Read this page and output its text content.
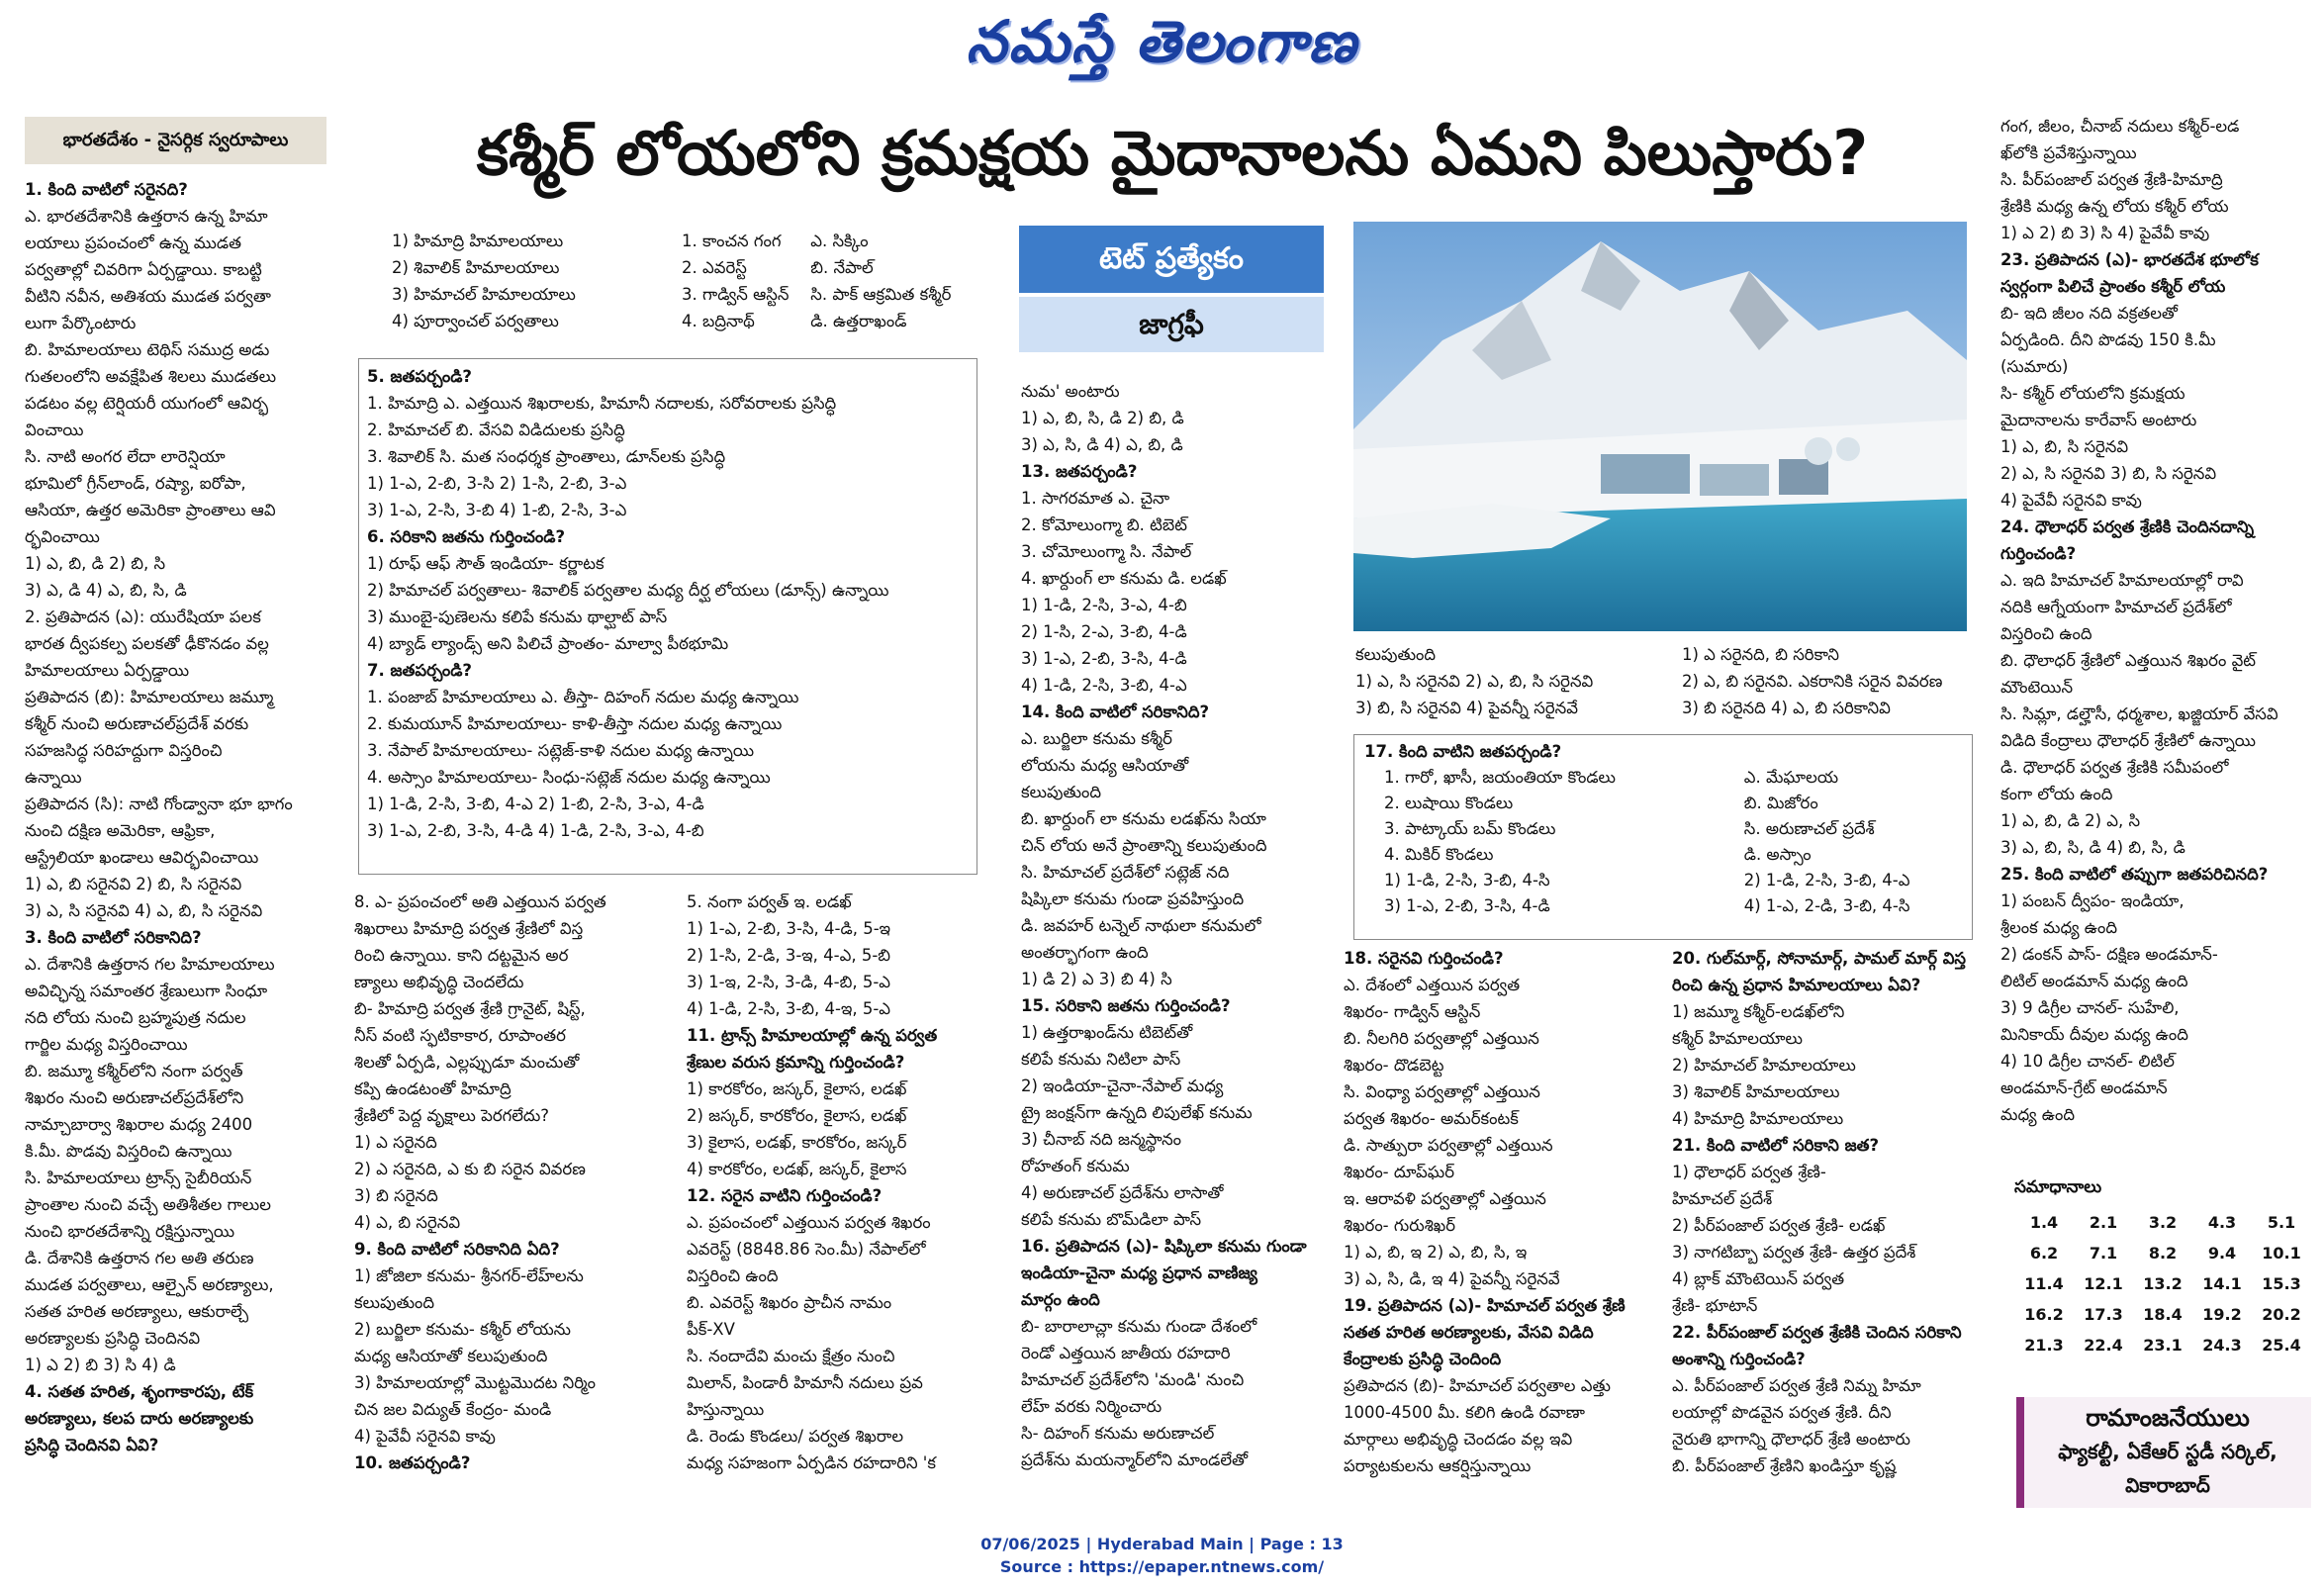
నమస్తే తెలంగాణ
భారతదేశం - నైసర్గిక స్వరూపాలు	కశ్మీర్ లోయలోని క్రమక్షయ మైదానాలను ఏమని పిలుస్తారు?
టెట్ ప్రత్యేకం
జాగ్రఫీ

1. కింది వాటిలో సరైనది?

ఎ. భారతదేశానికి ఉత్తరాన ఉన్న హిమా

లయాలు ప్రపంచంలో ఉన్న ముడత

పర్వతాల్లో చివరిగా ఏర్పడ్డాయి. కాబట్టి

వీటిని నవీన, అతిశయ ముడత పర్వతా

లుగా పేర్కొంటారు

బి. హిమాలయాలు టెథిస్ సముద్ర అడు

గుతలంలోని అవక్షేపిత శిలలు ముడతలు

పడటం వల్ల టెర్షియరీ యుగంలో ఆవిర్భ

వించాయి

సి. నాటి అంగర లేదా లారెన్షియా

భూమిలో గ్రీన్‌లాండ్, రష్యా, ఐరోపా,

ఆసియా, ఉత్తర అమెరికా ప్రాంతాలు ఆవి

ర్భవించాయి

1) ఎ, బి, డి 2) బి, సి

3) ఎ, డి 4) ఎ, బి, సి, డి

2. ప్రతిపాదన (ఎ): యురేషియా పలక

భారత ద్వీపకల్ప పలకతో ఢీకొనడం వల్ల

హిమాలయాలు ఏర్పడ్డాయి

ప్రతిపాదన (బి): హిమాలయాలు జమ్మూ

కశ్మీర్ నుంచి అరుణాచల్‌ప్రదేశ్ వరకు

సహజసిద్ధ సరిహద్దుగా విస్తరించి

ఉన్నాయి

ప్రతిపాదన (సి): నాటి గోండ్వానా భూ భాగం

నుంచి దక్షిణ అమెరికా, ఆఫ్రికా,

ఆస్ట్రేలియా ఖండాలు ఆవిర్భవించాయి

1) ఎ, బి సరైనవి 2) బి, సి సరైనవి

3) ఎ, సి సరైనవి 4) ఎ, బి, సి సరైనవి

3. కింది వాటిలో సరికానిది?

ఎ. దేశానికి ఉత్తరాన గల హిమాలయాలు

అవిచ్ఛిన్న సమాంతర శ్రేణులుగా సింధూ

నది లోయ నుంచి బ్రహ్మపుత్ర నదుల

గార్జిల మధ్య విస్తరించాయి

బి. జమ్మూ కశ్మీర్‌లోని నంగా పర్వత్

శిఖరం నుంచి అరుణాచల్‌ప్రదేశ్‌లోని

నామ్చాబార్వా శిఖరాల మధ్య 2400

కి.మీ. పొడవు విస్తరించి ఉన్నాయి

సి. హిమాలయాలు ట్రాన్స్ సైబీరియన్

ప్రాంతాల నుంచి వచ్చే అతిశీతల గాలుల

నుంచి భారతదేశాన్ని రక్షిస్తున్నాయి

డి. దేశానికి ఉత్తరాన గల అతి తరుణ

ముడత పర్వతాలు, ఆల్పైన్ అరణ్యాలు,

సతత హరిత అరణ్యాలు, ఆకురాల్చే

అరణ్యాలకు ప్రసిద్ధి చెందినవి

1) ఎ 2) బి 3) సి 4) డి

4. సతత హరిత, శృంగాకారపు, టేక్

అరణ్యాలు, కలప దారు అరణ్యాలకు

ప్రసిద్ధి చెందినవి ఏవి?

1) హిమాద్రి హిమాలయాలు	1. కాంచన గంగ	ఎ. సిక్కిం
2) శివాలిక్ హిమాలయాలు	2. ఎవరెస్ట్	బి. నేపాల్
3) హిమాచల్ హిమాలయాలు	3. గాడ్విన్ ఆస్టిన్	సి. పాక్ ఆక్రమిత కశ్మీర్
4) పూర్వాంచల్ పర్వతాలు	4. బద్రినాథ్	డి. ఉత్తరాఖండ్

5. జతపర్చండి?

1. హిమాద్రి ఎ. ఎత్తయిన శిఖరాలకు, హిమానీ నదాలకు, సరోవరాలకు ప్రసిద్ధి

2. హిమాచల్ బి. వేసవి విడిదులకు ప్రసిద్ధి

3. శివాలిక్ సి. మత సంధర్శక ప్రాంతాలు, డూన్‌లకు ప్రసిద్ధి

1) 1-ఎ, 2-బి, 3-సి 2) 1-సి, 2-బి, 3-ఎ

3) 1-ఎ, 2-సి, 3-బి 4) 1-బి, 2-సి, 3-ఎ

6. సరికాని జతను గుర్తించండి?

1) రూఫ్ ఆఫ్ సౌత్ ఇండియా- కర్ణాటక

2) హిమాచల్ పర్వతాలు- శివాలిక్ పర్వతాల మధ్య దీర్ఘ లోయలు (డూన్స్) ఉన్నాయి

3) ముంబై-పుణెలను కలిపే కనుమ థాల్ఘాట్ పాస్

4) బ్యాడ్ ల్యాండ్స్ అని పిలిచే ప్రాంతం- మాల్వా పీఠభూమి

7. జతపర్చండి?

1. పంజాబ్ హిమాలయాలు ఎ. తీస్తా- దిహంగ్ నదుల మధ్య ఉన్నాయి

2. కుమయూన్ హిమాలయాలు- కాళి-తీస్తా నదుల మధ్య ఉన్నాయి

3. నేపాల్ హిమాలయాలు- సట్లెజ్-కాళి నదుల మధ్య ఉన్నాయి

4. అస్సాం హిమాలయాలు- సింధు-సట్లెజ్ నదుల మధ్య ఉన్నాయి

1) 1-డి, 2-సి, 3-బి, 4-ఎ 2) 1-బి, 2-సి, 3-ఎ, 4-డి

3) 1-ఎ, 2-బి, 3-సి, 4-డి 4) 1-డి, 2-సి, 3-ఎ, 4-బి

8. ఎ- ప్రపంచంలో అతి ఎత్తయిన పర్వత

శిఖరాలు హిమాద్రి పర్వత శ్రేణిలో విస్త

రించి ఉన్నాయి. కాని దట్టమైన అర

ణ్యాలు అభివృద్ధి చెందలేదు

బి- హిమాద్రి పర్వత శ్రేణి గ్రానైట్, షిస్ట్,

నీస్ వంటి స్ఫటికాకార, రూపాంతర

శిలతో ఏర్పడి, ఎల్లప్పుడూ మంచుతో

కప్పి ఉండటంతో హిమాద్రి

శ్రేణిలో పెద్ద వృక్షాలు పెరగలేదు?

1) ఎ సరైనది

2) ఎ సరైనది, ఎ కు బి సరైన వివరణ

3) బి సరైనది

4) ఎ, బి సరైనవి

9. కింది వాటిలో సరికానిది ఏది?

1) జోజిలా కనుమ- శ్రీనగర్-లేహ్‌లను

కలుపుతుంది

2) బుర్జిలా కనుమ- కశ్మీర్ లోయను

మధ్య ఆసియాతో కలుపుతుంది

3) హిమాలయాల్లో మొట్టమొదట నిర్మిం

చిన జల విద్యుత్ కేంద్రం- మండి

4) పైవేవీ సరైనవి కావు

10. జతపర్చండి?

5. నంగా పర్వత్ ఇ. లడఖ్

1) 1-ఎ, 2-బి, 3-సి, 4-డి, 5-ఇ

2) 1-సి, 2-డి, 3-ఇ, 4-ఎ, 5-బి

3) 1-ఇ, 2-సి, 3-డి, 4-బి, 5-ఎ

4) 1-డి, 2-సి, 3-బి, 4-ఇ, 5-ఎ

11. ట్రాన్స్ హిమాలయాల్లో ఉన్న పర్వత

శ్రేణుల వరుస క్రమాన్ని గుర్తించండి?

1) కారకోరం, జస్కర్, కైలాస, లడఖ్

2) జస్కర్, కారకోరం, కైలాస, లడఖ్

3) కైలాస, లడఖ్, కారకోరం, జస్కర్

4) కారకోరం, లడఖ్, జస్కర్, కైలాస

12. సరైన వాటిని గుర్తించండి?

ఎ. ప్రపంచంలో ఎత్తయిన పర్వత శిఖరం

ఎవరెస్ట్ (8848.86 సెం.మీ) నేపాల్‌లో

విస్తరించి ఉంది

బి. ఎవరెస్ట్ శిఖరం ప్రాచీన నామం

పీక్-XV

సి. నందాదేవి మంచు క్షేత్రం నుంచి

మిలాన్, పిండారీ హిమానీ నదులు ప్రవ

హిస్తున్నాయి

డి. రెండు కొండలు/ పర్వత శిఖరాల

మధ్య సహజంగా ఏర్పడిన రహదారిని 'క

నుమ' అంటారు

1) ఎ, బి, సి, డి 2) బి, డి

3) ఎ, సి, డి 4) ఎ, బి, డి

13. జతపర్చండి?

1. సాగరమాత ఎ. చైనా

2. కోమోలుంగ్మా బి. టిబెట్

3. చోమోలుంగ్మా సి. నేపాల్

4. ఖార్దుంగ్ లా కనుమ డి. లడఖ్

1) 1-డి, 2-సి, 3-ఎ, 4-బి

2) 1-సి, 2-ఎ, 3-బి, 4-డి

3) 1-ఎ, 2-బి, 3-సి, 4-డి

4) 1-డి, 2-సి, 3-బి, 4-ఎ

14. కింది వాటిలో సరికానిది?

ఎ. బుర్జిలా కనుమ కశ్మీర్

లోయను మధ్య ఆసియాతో

కలుపుతుంది

బి. ఖార్దుంగ్ లా కనుమ లడఖ్‌ను సియా

చిన్ లోయ అనే ప్రాంతాన్ని కలుపుతుంది

సి. హిమాచల్ ప్రదేశ్‌లో సట్లెజ్ నది

షిప్కిలా కనుమ గుండా ప్రవహిస్తుంది

డి. జవహర్ టన్నెల్ నాథులా కనుమలో

అంతర్భాగంగా ఉంది

1) డి 2) ఎ 3) బి 4) సి

15. సరికాని జతను గుర్తించండి?

1) ఉత్తరాఖండ్‌ను టిబెట్‌తో

కలిపే కనుమ నిటిలా పాస్

2) ఇండియా-చైనా-నేపాల్ మధ్య

ట్రై జంక్షన్‌గా ఉన్నది లిపులేఖ్ కనుమ

3) చీనాబ్ నది జన్మస్థానం

రోహతంగ్ కనుమ

4) అరుణాచల్ ప్రదేశ్‌ను లాసాతో

కలిపే కనుమ బొమ్‌డిలా పాస్

16. ప్రతిపాదన (ఎ)- షిప్కిలా కనుమ గుండా

ఇండియా-చైనా మధ్య ప్రధాన వాణిజ్య

మార్గం ఉంది

బి- బారాలాచ్లా కనుమ గుండా దేశంలో

రెండో ఎత్తయిన జాతీయ రహదారి

హిమాచల్ ప్రదేశ్‌లోని 'మండి' నుంచి

లేహ్ వరకు నిర్మించారు

సి- దిహంగ్ కనుమ అరుణాచల్

ప్రదేశ్‌ను మయన్మార్‌లోని మాండలేతో

కలుపుతుంది

1) ఎ, సి సరైనవి 2) ఎ, బి, సి సరైనవి

3) బి, సి సరైనవి 4) పైవన్నీ సరైనవే

1) ఎ సరైనది, బి సరికాని

2) ఎ, బి సరైనవి. ఎకరానికి సరైన వివరణ

3) బి సరైనది 4) ఎ, బి సరికానివి

17. కింది వాటిని జతపర్చండి?
1. గారో, ఖాసీ, జయంతియా కొండలు	ఎ. మేఘాలయ
2. లుషాయి కొండలు	బి. మిజోరం
3. పాట్కాయ్ బమ్ కొండలు	సి. అరుణాచల్ ప్రదేశ్
4. మికిర్ కొండలు	డి. అస్సాం
1) 1-డి, 2-సి, 3-బి, 4-సి	2) 1-డి, 2-సి, 3-బి, 4-ఎ
3) 1-ఎ, 2-బి, 3-సి, 4-డి	4) 1-ఎ, 2-డి, 3-బి, 4-సి

18. సరైనవి గుర్తించండి?

ఎ. దేశంలో ఎత్తయిన పర్వత

శిఖరం- గాడ్విన్ ఆస్టిన్

బి. నీలగిరి పర్వతాల్లో ఎత్తయిన

శిఖరం- దొడబెట్ట

సి. వింధ్యా పర్వతాల్లో ఎత్తయిన

పర్వత శిఖరం- అమర్‌కంటక్

డి. సాత్పురా పర్వతాల్లో ఎత్తయిన

శిఖరం- దూప్‌ఘర్

ఇ. ఆరావళి పర్వతాల్లో ఎత్తయిన

శిఖరం- గురుశిఖర్

1) ఎ, బి, ఇ 2) ఎ, బి, సి, ఇ

3) ఎ, సి, డి, ఇ 4) పైవన్నీ సరైనవే

19. ప్రతిపాదన (ఎ)- హిమాచల్ పర్వత శ్రేణి

సతత హరిత అరణ్యాలకు, వేసవి విడిది

కేంద్రాలకు ప్రసిద్ధి చెందింది

ప్రతిపాదన (బి)- హిమాచల్ పర్వతాల ఎత్తు

1000-4500 మీ. కలిగి ఉండి రవాణా

మార్గాలు అభివృద్ధి చెందడం వల్ల ఇవి

పర్యాటకులను ఆకర్షిస్తున్నాయి

20. గుల్‌మార్గ్, సోనామార్గ్, పామల్ మార్గ్ విస్త

రించి ఉన్న ప్రధాన హిమాలయాలు ఏవి?

1) జమ్మూ కశ్మీర్-లడఖ్‌లోని

కశ్మీర్ హిమాలయాలు

2) హిమాచల్ హిమాలయాలు

3) శివాలిక్ హిమాలయాలు

4) హిమాద్రి హిమాలయాలు

21. కింది వాటిలో సరికాని జత?

1) ధౌలాధర్ పర్వత శ్రేణి-

హిమాచల్ ప్రదేశ్

2) పీర్‌పంజాల్ పర్వత శ్రేణి- లడఖ్

3) నాగటిబ్బా పర్వత శ్రేణి- ఉత్తర ప్రదేశ్

4) బ్లాక్ మౌంటెయిన్ పర్వత

శ్రేణి- భూటాన్

22. పీర్‌పంజాల్ పర్వత శ్రేణికి చెందిన సరికాని

అంశాన్ని గుర్తించండి?

ఎ. పీర్‌పంజాల్ పర్వత శ్రేణి నిమ్న హిమా

లయాల్లో పొడవైన పర్వత శ్రేణి. దీని

నైరుతి భాగాన్ని ధౌలాధర్ శ్రేణి అంటారు

బి. పీర్‌పంజాల్ శ్రేణిని ఖండిస్తూ కృష్ణ

గంగ, జీలం, చీనాబ్ నదులు కశ్మీర్-లడ

ఖ్‌లోకి ప్రవేశిస్తున్నాయి

సి. పీర్‌పంజాల్ పర్వత శ్రేణి-హిమాద్రి

శ్రేణికి మధ్య ఉన్న లోయ కశ్మీర్ లోయ

1) ఎ 2) బి 3) సి 4) పైవేవీ కావు

23. ప్రతిపాదన (ఎ)- భారతదేశ భూలోక

స్వర్గంగా పిలిచే ప్రాంతం కశ్మీర్ లోయ

బి- ఇది జీలం నది వక్రతలతో

ఏర్పడింది. దీని పొడవు 150 కి.మీ

(సుమారు)

సి- కశ్మీర్ లోయలోని క్రమక్షయ

మైదానాలను కారేవాస్ అంటారు

1) ఎ, బి, సి సరైనవి

2) ఎ, సి సరైనవి 3) బి, సి సరైనవి

4) పైవేవీ సరైనవి కావు

24. ధౌలాధర్ పర్వత శ్రేణికి చెందినదాన్ని

గుర్తించండి?

ఎ. ఇది హిమాచల్ హిమాలయాల్లో రావి

నదికి ఆగ్నేయంగా హిమాచల్ ప్రదేశ్‌లో

విస్తరించి ఉంది

బి. ధౌలాధర్ శ్రేణిలో ఎత్తయిన శిఖరం వైట్

మౌంటెయిన్

సి. సిమ్లా, డల్హౌసీ, ధర్మశాల, ఖజ్జియార్ వేసవి

విడిది కేంద్రాలు ధౌలాధర్ శ్రేణిలో ఉన్నాయి

డి. ధౌలాధర్ పర్వత శ్రేణికి సమీపంలో

కంగా లోయ ఉంది

1) ఎ, బి, డి 2) ఎ, సి

3) ఎ, బి, సి, డి 4) బి, సి, డి

25. కింది వాటిలో తప్పుగా జతపరిచినది?

1) పంబన్ ద్వీపం- ఇండియా,

శ్రీలంక మధ్య ఉంది

2) డంకన్ పాస్- దక్షిణ అండమాన్-

లిటిల్ అండమాన్ మధ్య ఉంది

3) 9 డిగ్రీల చానల్- సుహేలి,

మినికాయ్ దీవుల మధ్య ఉంది

4) 10 డిగ్రీల చానల్- లిటిల్

అండమాన్-గ్రేట్ అండమాన్

మధ్య ఉంది

సమాధానాలు
1.4	2.1	3.2	4.3	5.1
6.2	7.1	8.2	9.4	10.1
11.4	12.1	13.2	14.1	15.3
16.2	17.3	18.4	19.2	20.2
21.3	22.4	23.1	24.3	25.4
రామాంజనేయులు
ఫ్యాకల్టీ, ఏకేఆర్ స్టడీ సర్కిల్,
వికారాబాద్
07/06/2025 | Hyderabad Main | Page : 13
Source : https://epaper.ntnews.com/
